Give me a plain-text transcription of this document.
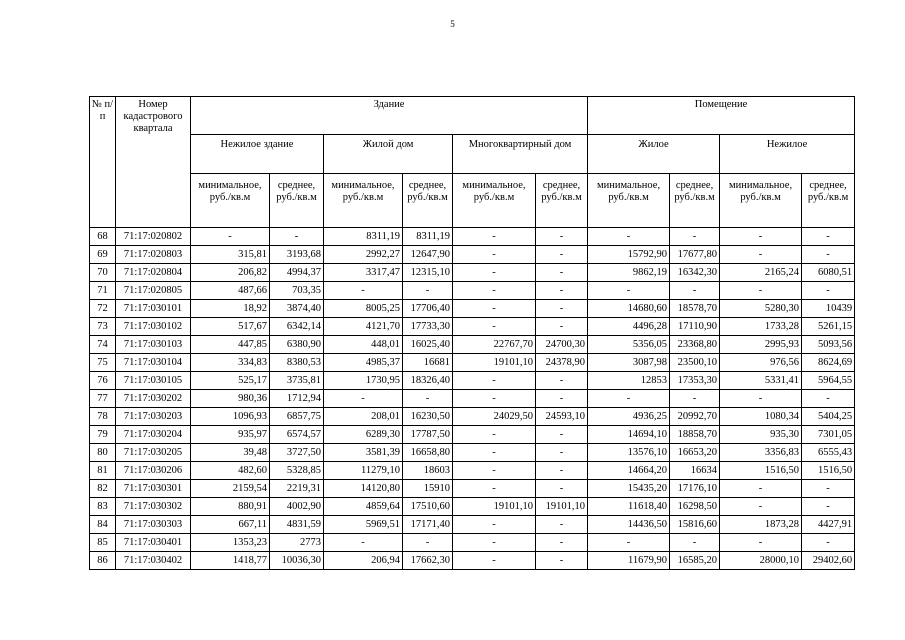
5
№ п/п	Номер кадастрового квартала	Здание						Помещение			
		Нежилое здание		Жилой дом		Многоквартирный дом		Жилое		Нежилое	
		минимальное, руб./кв.м	среднее, руб./кв.м	минимальное, руб./кв.м	среднее, руб./кв.м	минимальное, руб./кв.м	среднее, руб./кв.м	минимальное, руб./кв.м	среднее, руб./кв.м	минимальное, руб./кв.м	среднее, руб./кв.м
68	71:17:020802	-	-	8311,19	8311,19	-	-	-	-	-	-
69	71:17:020803	315,81	3193,68	2992,27	12647,90	-	-	15792,90	17677,80	-	-
70	71:17:020804	206,82	4994,37	3317,47	12315,10	-	-	9862,19	16342,30	2165,24	6080,51
71	71:17:020805	487,66	703,35	-	-	-	-	-	-	-	-
72	71:17:030101	18,92	3874,40	8005,25	17706,40	-	-	14680,60	18578,70	5280,30	10439
73	71:17:030102	517,67	6342,14	4121,70	17733,30	-	-	4496,28	17110,90	1733,28	5261,15
74	71:17:030103	447,85	6380,90	448,01	16025,40	22767,70	24700,30	5356,05	23368,80	2995,93	5093,56
75	71:17:030104	334,83	8380,53	4985,37	16681	19101,10	24378,90	3087,98	23500,10	976,56	8624,69
76	71:17:030105	525,17	3735,81	1730,95	18326,40	-	-	12853	17353,30	5331,41	5964,55
77	71:17:030202	980,36	1712,94	-	-	-	-	-	-	-	-
78	71:17:030203	1096,93	6857,75	208,01	16230,50	24029,50	24593,10	4936,25	20992,70	1080,34	5404,25
79	71:17:030204	935,97	6574,57	6289,30	17787,50	-	-	14694,10	18858,70	935,30	7301,05
80	71:17:030205	39,48	3727,50	3581,39	16658,80	-	-	13576,10	16653,20	3356,83	6555,43
81	71:17:030206	482,60	5328,85	11279,10	18603	-	-	14664,20	16634	1516,50	1516,50
82	71:17:030301	2159,54	2219,31	14120,80	15910	-	-	15435,20	17176,10	-	-
83	71:17:030302	880,91	4002,90	4859,64	17510,60	19101,10	19101,10	11618,40	16298,50	-	-
84	71:17:030303	667,11	4831,59	5969,51	17171,40	-	-	14436,50	15816,60	1873,28	4427,91
85	71:17:030401	1353,23	2773	-	-	-	-	-	-	-	-
86	71:17:030402	1418,77	10036,30	206,94	17662,30	-	-	11679,90	16585,20	28000,10	29402,60
